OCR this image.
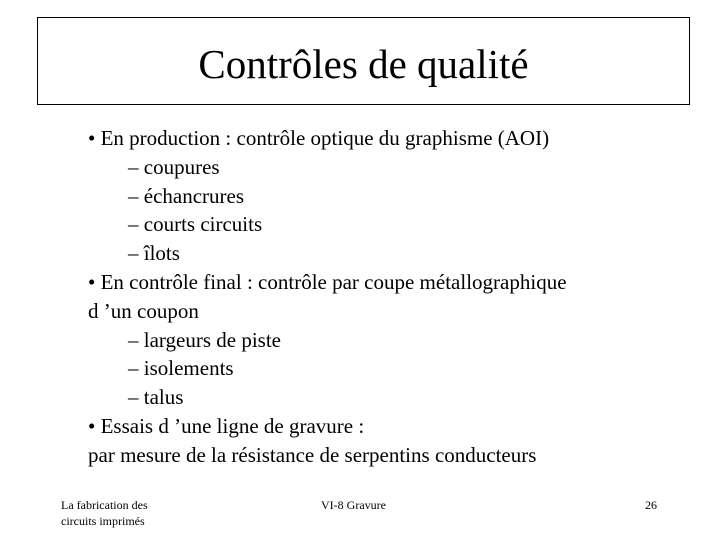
Contrôles de qualité
• En production : contrôle optique du graphisme (AOI)
– coupures
– échancrures
– courts circuits
– îlots
• En contrôle final : contrôle par coupe métallographique
d ’un coupon
– largeurs de piste
– isolements
– talus
• Essais d ’une ligne de gravure :
par mesure de la résistance de serpentins conducteurs
La fabrication des
circuits imprimés
VI-8 Gravure	26
